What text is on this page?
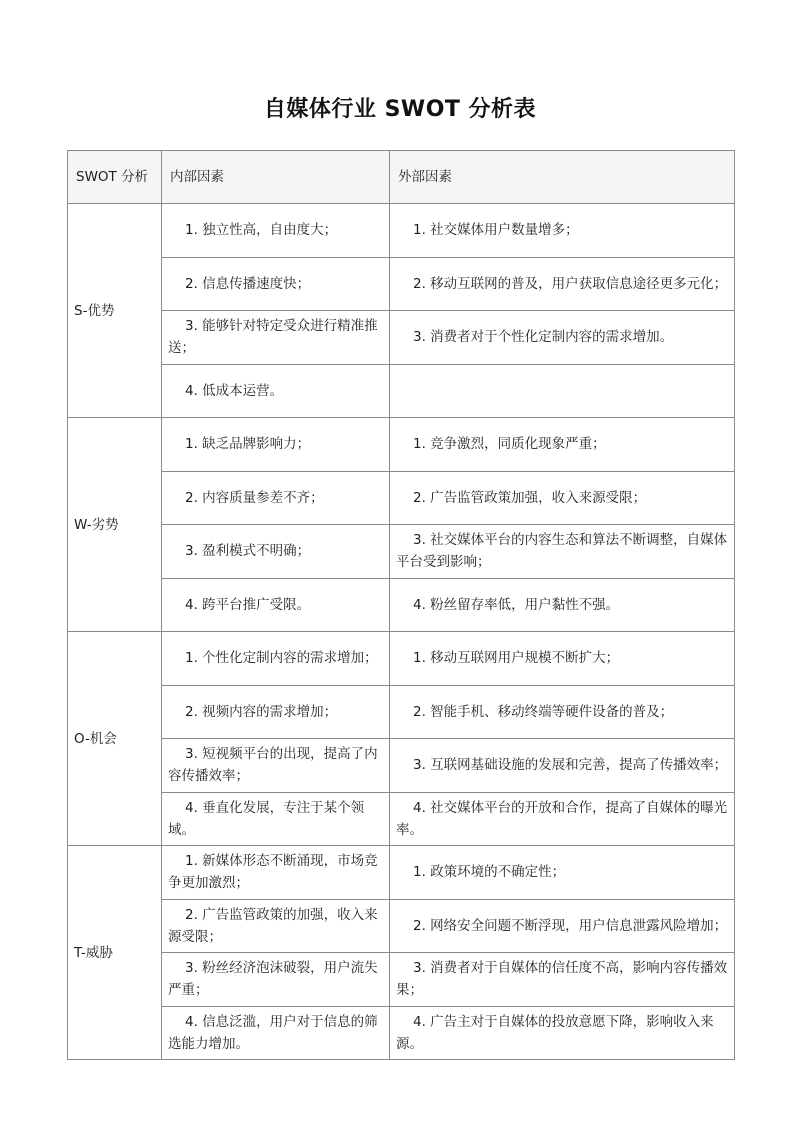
自媒体行业 SWOT 分析表
SWOT 分析	内部因素	外部因素
S-优势	1. 独立性高，自由度大；	1. 社交媒体用户数量增多；
	2. 信息传播速度快；	2. 移动互联网的普及，用户获取信息途径更多元化；
	3. 能够针对特定受众进行精准推送；	3. 消费者对于个性化定制内容的需求增加。
	4. 低成本运营。	
W-劣势	1. 缺乏品牌影响力；	1. 竞争激烈，同质化现象严重；
	2. 内容质量参差不齐；	2. 广告监管政策加强，收入来源受限；
	3. 盈利模式不明确；	3. 社交媒体平台的内容生态和算法不断调整，自媒体平台受到影响；
	4. 跨平台推广受限。	4. 粉丝留存率低，用户黏性不强。
O-机会	1. 个性化定制内容的需求增加；	1. 移动互联网用户规模不断扩大；
	2. 视频内容的需求增加；	2. 智能手机、移动终端等硬件设备的普及；
	3. 短视频平台的出现，提高了内容传播效率；	3. 互联网基础设施的发展和完善，提高了传播效率；
	4. 垂直化发展，专注于某个领域。	4. 社交媒体平台的开放和合作，提高了自媒体的曝光率。
T-威胁	1. 新媒体形态不断涌现，市场竞争更加激烈；	1. 政策环境的不确定性；
	2. 广告监管政策的加强，收入来源受限；	2. 网络安全问题不断浮现，用户信息泄露风险增加；
	3. 粉丝经济泡沫破裂，用户流失严重；	3. 消费者对于自媒体的信任度不高，影响内容传播效果；
	4. 信息泛滥，用户对于信息的筛选能力增加。	4. 广告主对于自媒体的投放意愿下降，影响收入来源。
